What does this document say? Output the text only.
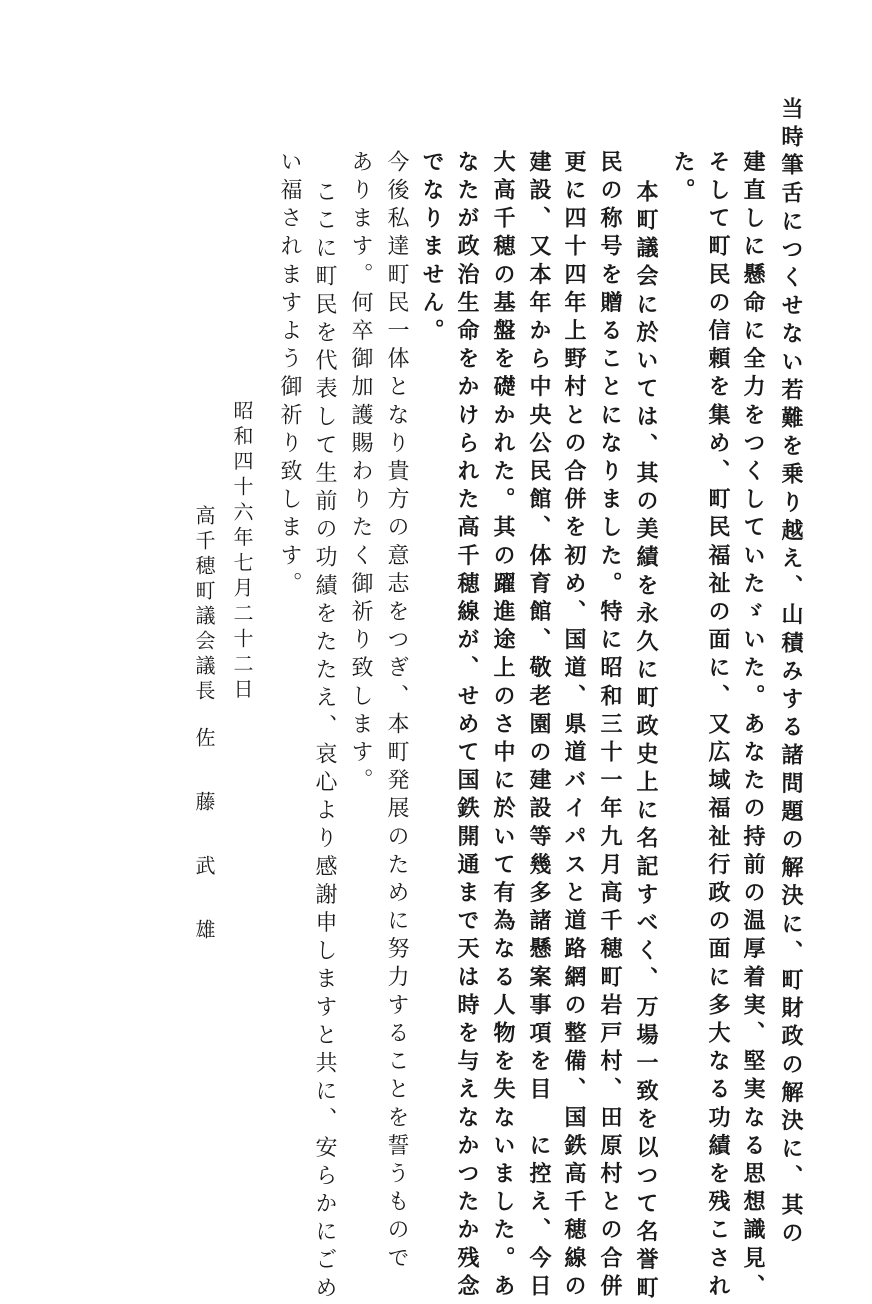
当時筆舌につくせない若難を乗り越え、山積みする諸問題の解決に、町財政の解決に、其の
建直しに懸命に全力をつくしていたゞいた。あなたの持前の温厚着実、堅実なる思想識見、
そして町民の信頼を集め、町民福祉の面に、又広域福祉行政の面に多大なる功績を残こされ
た。
本町議会に於いては、其の美績を永久に町政史上に名記すべく、万場一致を以つて名誉町
民の称号を贈ることになりました。特に昭和三十一年九月高千穂町岩戸村、田原村との合併
更に四十四年上野村との合併を初め、国道、県道バイパスと道路網の整備、国鉄高千穂線の
建設、又本年から中央公民館、体育館、敬老園の建設等幾多諸懸案事項を目　に控え、今日
大高千穂の基盤を礎かれた。其の躍進途上のさ中に於いて有為なる人物を失ないました。あ
なたが政治生命をかけられた高千穂線が、せめて国鉄開通まで天は時を与えなかつたか残念
でなりません。
今後私達町民一体となり貴方の意志をつぎ、本町発展のために努力することを誓うもので
あります。何卒御加護賜わりたく御祈り致します。
ここに町民を代表して生前の功績をたたえ、哀心より感謝申しますと共に、安らかにごめ
い福されますよう御祈り致します。
昭和四十六年七月二十二日
高千穂町議会議長
佐　藤　武　雄
